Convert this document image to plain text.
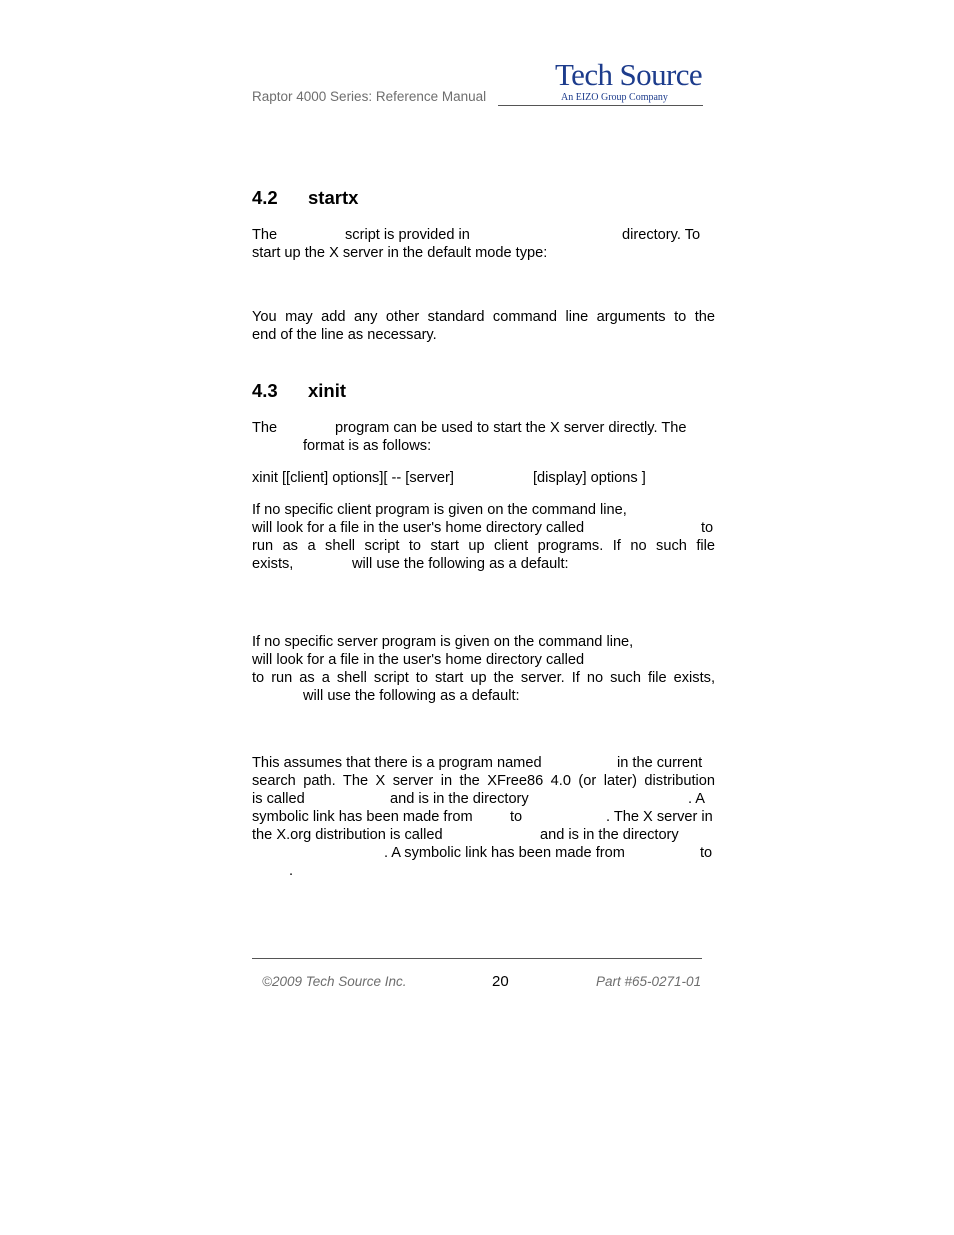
Raptor 4000 Series: Reference Manual
Tech Source
An EIZO Group Company
4.2 startx
The	script is provided in	directory. To
start up the X server in the default mode type:
You may add any other standard command line arguments to the
end of the line as necessary.
4.3 xinit
The	program can be used to start the X server directly. The
format is as follows:
xinit [[client] options][ -- [server]	[display] options ]
If no specific client program is given on the command line,
will look for a file in the user's home directory called	to
run as a shell script to start up client programs. If no such file
exists,	will use the following as a default:
If no specific server program is given on the command line,
will look for a file in the user's home directory called
to run as a shell script to start up the server. If no such file exists,
will use the following as a default:
This assumes that there is a program named	in the current
search path. The X server in the XFree86 4.0 (or later) distribution
is called	and is in the directory	. A
symbolic link has been made from	to	. The X server in
the X.org distribution is called	and is in the directory
. A symbolic link has been made from	to
.
©2009 Tech Source Inc.	20	Part #65-0271-01
